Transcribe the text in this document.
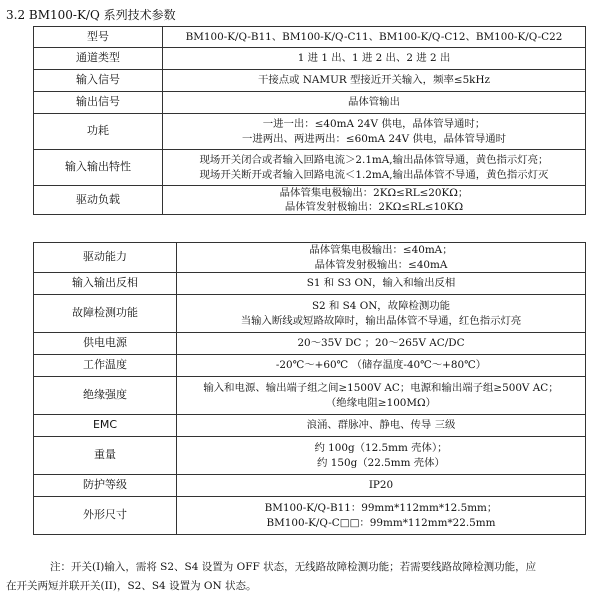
3.2 BM100-K/Q 系列技术参数
型号	BM100-K/Q-B11、BM100-K/Q-C11、BM100-K/Q-C12、BM100-K/Q-C22

通道类型	1 进 1 出、1 进 2 出、2 进 2 出

输入信号	干接点或 NAMUR 型接近开关输入，频率≤5kHz

输出信号	晶体管输出

功耗	一进一出：≤40mA 24V 供电，晶体管导通时；
一进两出、两进两出：≤60mA 24V 供电，晶体管导通时

输入输出特性	现场开关闭合或者输入回路电流＞2.1mA,输出晶体管导通，黄色指示灯亮；
现场开关断开或者输入回路电流＜1.2mA,输出晶体管不导通，黄色指示灯灭

驱动负载	晶体管集电极输出：2KΩ≤RL≤20KΩ；
晶体管发射极输出：2KΩ≤RL≤10KΩ
驱动能力	晶体管集电极输出：≤40mA；
晶体管发射极输出：≤40mA

输入输出反相	S1 和 S3 ON，输入和输出反相

故障检测功能	S2 和 S4 ON，故障检测功能
当输入断线或短路故障时，输出晶体管不导通，红色指示灯亮

供电电源	20～35V DC ；20～265V AC/DC

工作温度	-20℃～+60℃ （储存温度-40℃～+80℃）

绝缘强度	输入和电源、输出端子组之间≥1500V AC；电源和输出端子组≥500V AC；
（绝缘电阻≥100MΩ）

EMC	浪涌、群脉冲、静电、传导 三级

重量	约 100g（12.5mm 壳体）；
约 150g（22.5mm 壳体）

防护等级	IP20

外形尺寸	BM100-K/Q-B11：99mm*112mm*12.5mm；
BM100-K/Q-C□□：99mm*112mm*22.5mm
注：开关(I)输入，需将 S2、S4 设置为 OFF 状态，无线路故障检测功能；若需要线路故障检测功能，应
在开关两短并联开关(II)，S2、S4 设置为 ON 状态。
